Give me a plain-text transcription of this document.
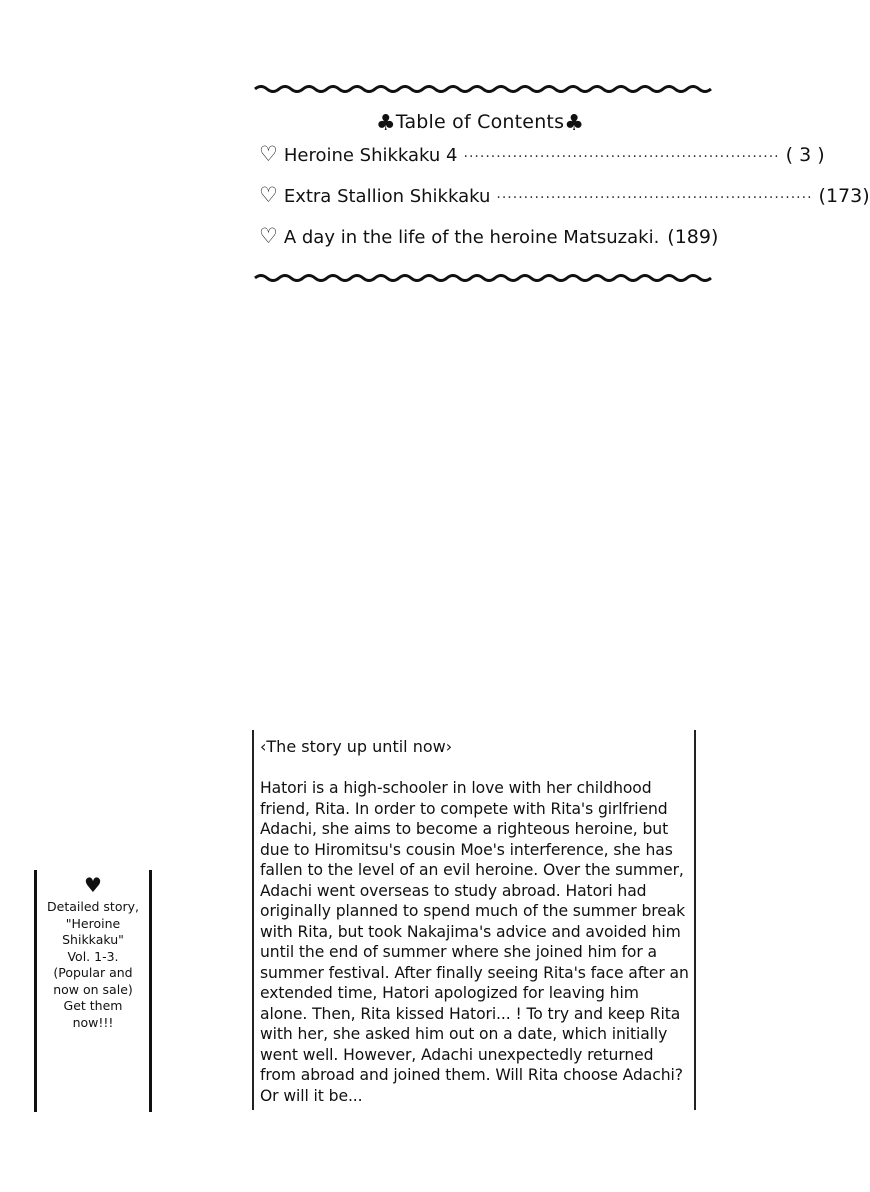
♣Table of Contents♣
♡ Heroine Shikkaku 4 ·························································· ( 3 )
♡ Extra Stallion Shikkaku ·························································· (173)
♡ A day in the life of the heroine Matsuzaki. (189)
‹The story up until now›
Hatori is a high-schooler in love with her childhood friend, Rita. In order to compete with Rita's girlfriend Adachi, she aims to become a righteous heroine, but due to Hiromitsu's cousin Moe's interference, she has fallen to the level of an evil heroine. Over the summer, Adachi went overseas to study abroad. Hatori had originally planned to spend much of the summer break with Rita, but took Nakajima's advice and avoided him until the end of summer where she joined him for a summer festival. After finally seeing Rita's face after an extended time, Hatori apologized for leaving him alone. Then, Rita kissed Hatori... ! To try and keep Rita with her, she asked him out on a date, which initially went well. However, Adachi unexpectedly returned from abroad and joined them. Will Rita choose Adachi? Or will it be...
♥
Detailed story,
"Heroine
Shikkaku"
Vol. 1-3.
(Popular and
now on sale)
Get them
now!!!
